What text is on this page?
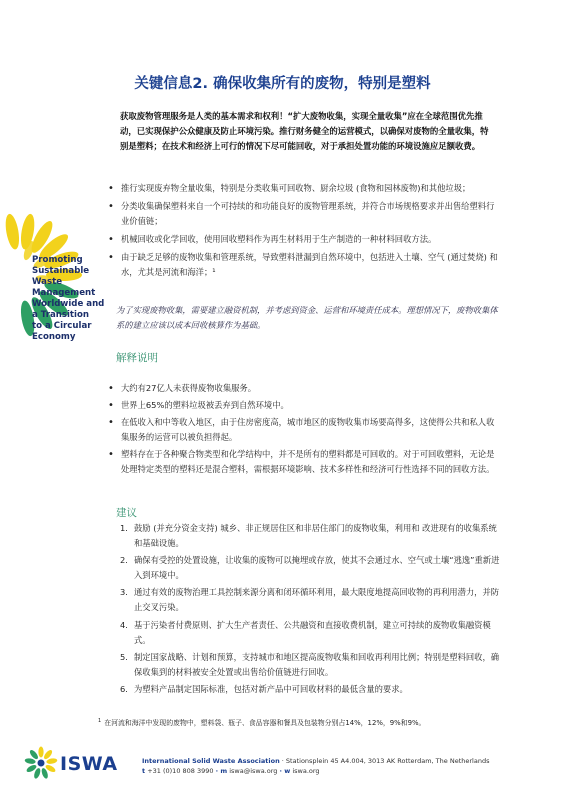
关键信息2. 确保收集所有的废物，特别是塑料
获取废物管理服务是人类的基本需求和权利！“扩大废物收集，实现全量收集”应在全球范围优先推动，已实现保护公众健康及防止环境污染。推行财务健全的运营模式，以确保对废物的全量收集，特别是塑料；在技术和经济上可行的情况下尽可能回收，对于承担处置功能的环境设施应足额收费。
• 推行实现废弃物全量收集，特别是分类收集可回收物、厨余垃圾 (食物和园林废物)和其他垃圾；
• 分类收集确保塑料来自一个可持续的和功能良好的废物管理系统，并符合市场规格要求并出售给塑料行业价值链；
• 机械回收或化学回收，使用回收塑料作为再生材料用于生产制造的一种材料回收方法。
• 由于缺乏足够的废物收集和管理系统，导致塑料泄漏到自然环境中，包括进入土壤、空气 (通过焚烧) 和水，尤其是河流和海洋；¹
为了实现废物收集，需要建立融资机制，并考虑到资金、运营和环境责任成本。理想情况下，废物收集体系的建立应该以成本回收核算作为基础。
解释说明
• 大约有27亿人未获得废物收集服务。
• 世界上65%的塑料垃圾被丢弃到自然环境中。
• 在低收入和中等收入地区，由于住房密度高，城市地区的废物收集市场要高得多，这使得公共和私人收集服务的运营可以被负担得起。
• 塑料存在于各种聚合物类型和化学结构中，并不是所有的塑料都是可回收的。对于可回收塑料，无论是处理特定类型的塑料还是混合塑料，需根据环境影响、技术多样性和经济可行性选择不同的回收方法。
建议
1. 鼓励 (并充分资金支持) 城乡、非正规居住区和非居住部门的废物收集，利用和 改进现有的收集系统和基础设施。
2. 确保有受控的处置设施，让收集的废物可以掩埋或存放，使其不会通过水、空气或土壤“逃逸”重新进入到环境中。
3. 通过有效的废物治理工具控制来源分离和闭环循环利用，最大限度地提高回收物的再利用潜力，并防止交叉污染。
4. 基于污染者付费原则、扩大生产者责任、公共融资和直接收费机制，建立可持续的废物收集融资模式。
5. 制定国家战略、计划和预算，支持城市和地区提高废物收集和回收再利用比例；特别是塑料回收，确保收集到的材料被安全处置或出售给价值链进行回收。
6. 为塑料产品制定国际标准，包括对新产品中可回收材料的最低含量的要求。
$^1$ 在河流和海洋中发现的废物中，塑料袋、瓶子、食品容器和餐具及包装物分别占14%，12%，9%和9%。
Promoting
Sustainable
Waste
Management
Worldwide and
a Transition
to a Circular
Economy
ISWA	International Solid Waste Association · Stationsplein 45 A4.004, 3013 AK Rotterdam, The Netherlands
t +31 (0)10 808 3990 · m iswa@iswa.org · w iswa.org
